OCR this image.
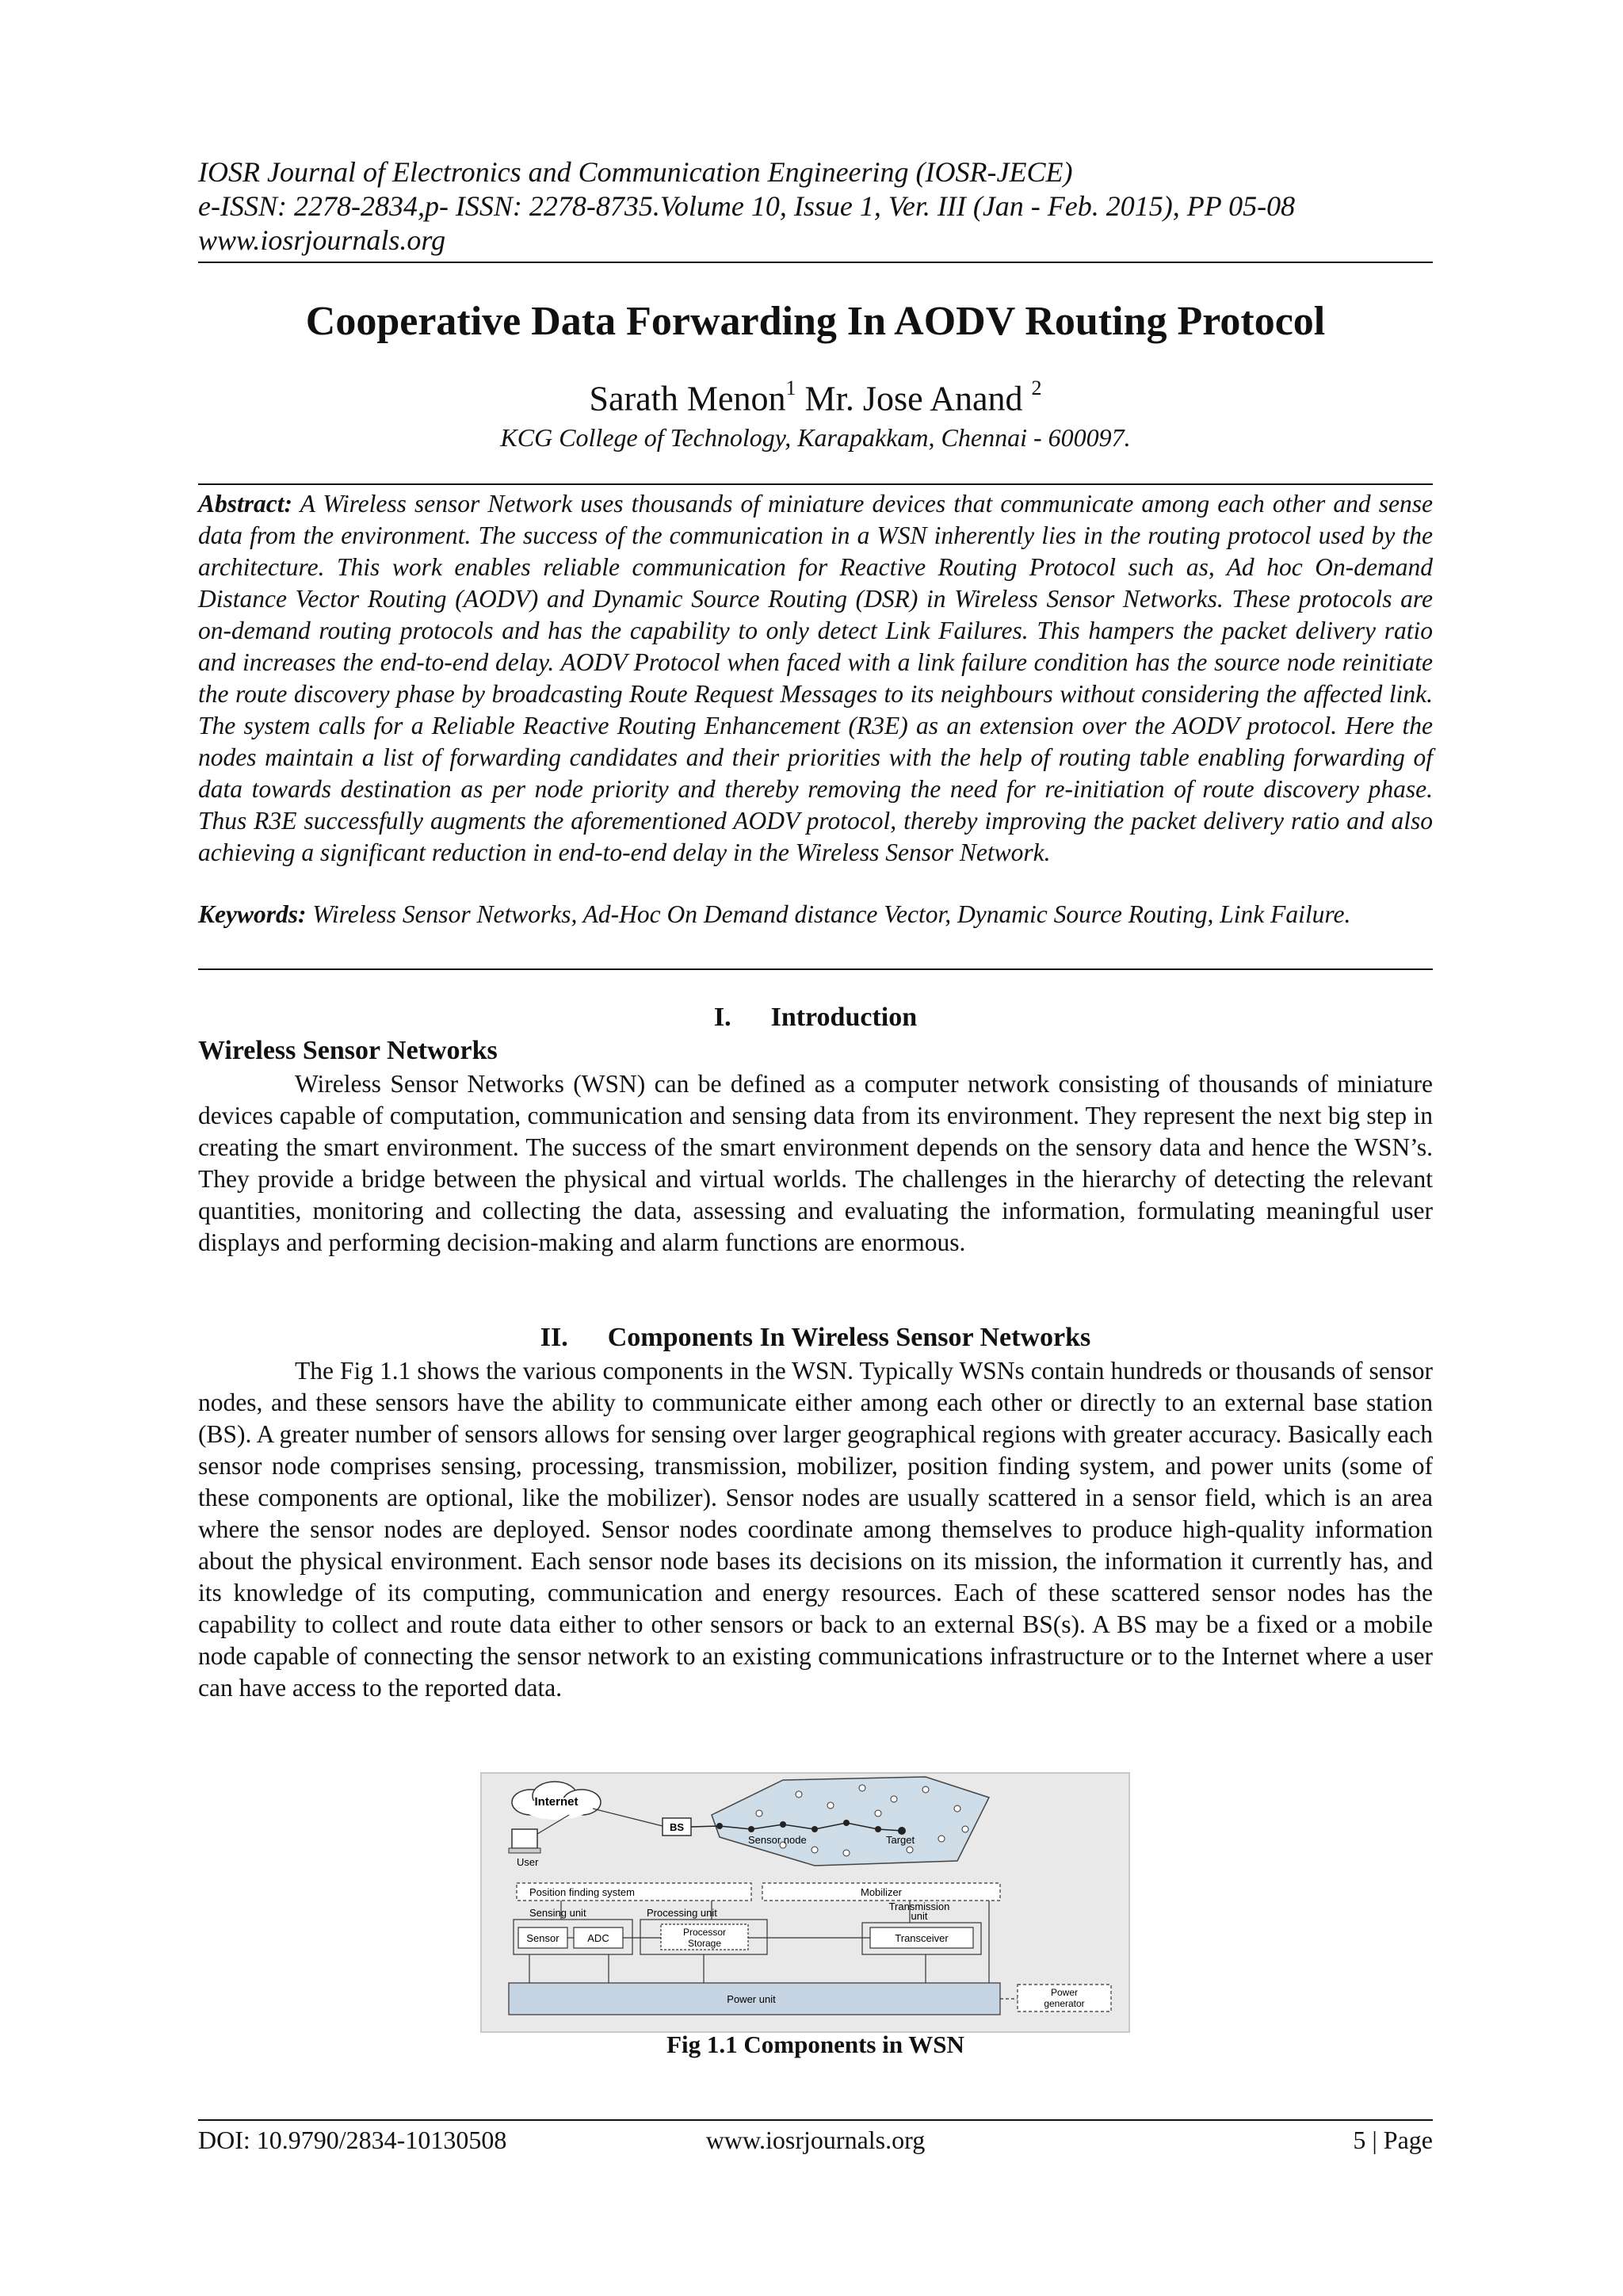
IOSR Journal of Electronics and Communication Engineering (IOSR-JECE)
e-ISSN: 2278-2834,p- ISSN: 2278-8735.Volume 10, Issue 1, Ver. III (Jan - Feb. 2015), PP 05-08
www.iosrjournals.org
Cooperative Data Forwarding In AODV Routing Protocol
Sarath Menon$^1$ Mr. Jose Anand $^2$
KCG College of Technology, Karapakkam, Chennai - 600097.
Abstract: A Wireless sensor Network uses thousands of miniature devices that communicate among each other and sense data from the environment. The success of the communication in a WSN inherently lies in the routing protocol used by the architecture. This work enables reliable communication for Reactive Routing Protocol such as, Ad hoc On-demand Distance Vector Routing (AODV) and Dynamic Source Routing (DSR) in Wireless Sensor Networks. These protocols are on-demand routing protocols and has the capability to only detect Link Failures. This hampers the packet delivery ratio and increases the end-to-end delay. AODV Protocol when faced with a link failure condition has the source node reinitiate the route discovery phase by broadcasting Route Request Messages to its neighbours without considering the affected link. The system calls for a Reliable Reactive Routing Enhancement (R3E) as an extension over the AODV protocol. Here the nodes maintain a list of forwarding candidates and their priorities with the help of routing table enabling forwarding of data towards destination as per node priority and thereby removing the need for re-initiation of route discovery phase. Thus R3E successfully augments the aforementioned AODV protocol, thereby improving the packet delivery ratio and also achieving a significant reduction in end-to-end delay in the Wireless Sensor Network.
Keywords: Wireless Sensor Networks, Ad-Hoc On Demand distance Vector, Dynamic Source Routing, Link Failure.
I. Introduction
Wireless Sensor Networks
Wireless Sensor Networks (WSN) can be defined as a computer network consisting of thousands of miniature devices capable of computation, communication and sensing data from its environment. They represent the next big step in creating the smart environment. The success of the smart environment depends on the sensory data and hence the WSN’s. They provide a bridge between the physical and virtual worlds. The challenges in the hierarchy of detecting the relevant quantities, monitoring and collecting the data, assessing and evaluating the information, formulating meaningful user displays and performing decision-making and alarm functions are enormous.
II. Components In Wireless Sensor Networks
The Fig 1.1 shows the various components in the WSN. Typically WSNs contain hundreds or thousands of sensor nodes, and these sensors have the ability to communicate either among each other or directly to an external base station (BS). A greater number of sensors allows for sensing over larger geographical regions with greater accuracy. Basically each sensor node comprises sensing, processing, transmission, mobilizer, position finding system, and power units (some of these components are optional, like the mobilizer). Sensor nodes are usually scattered in a sensor field, which is an area where the sensor nodes are deployed. Sensor nodes coordinate among themselves to produce high-quality information about the physical environment. Each sensor node bases its decisions on its mission, the information it currently has, and its knowledge of its computing, communication and energy resources. Each of these scattered sensor nodes has the capability to collect and route data either to other sensors or back to an external BS(s). A BS may be a fixed or a mobile node capable of connecting the sensor network to an existing communications infrastructure or to the Internet where a user can have access to the reported data.
Internet
User
BS
Sensor node	Target
Position finding system	Mobilizer
Sensing unit	Processing unit
Transmission
unit
Sensor	ADC	Processor
Storage	Transceiver
Power unit
Power
generator
Fig 1.1 Components in WSN
DOI: 10.9790/2834-10130508	www.iosrjournals.org	5 | Page
